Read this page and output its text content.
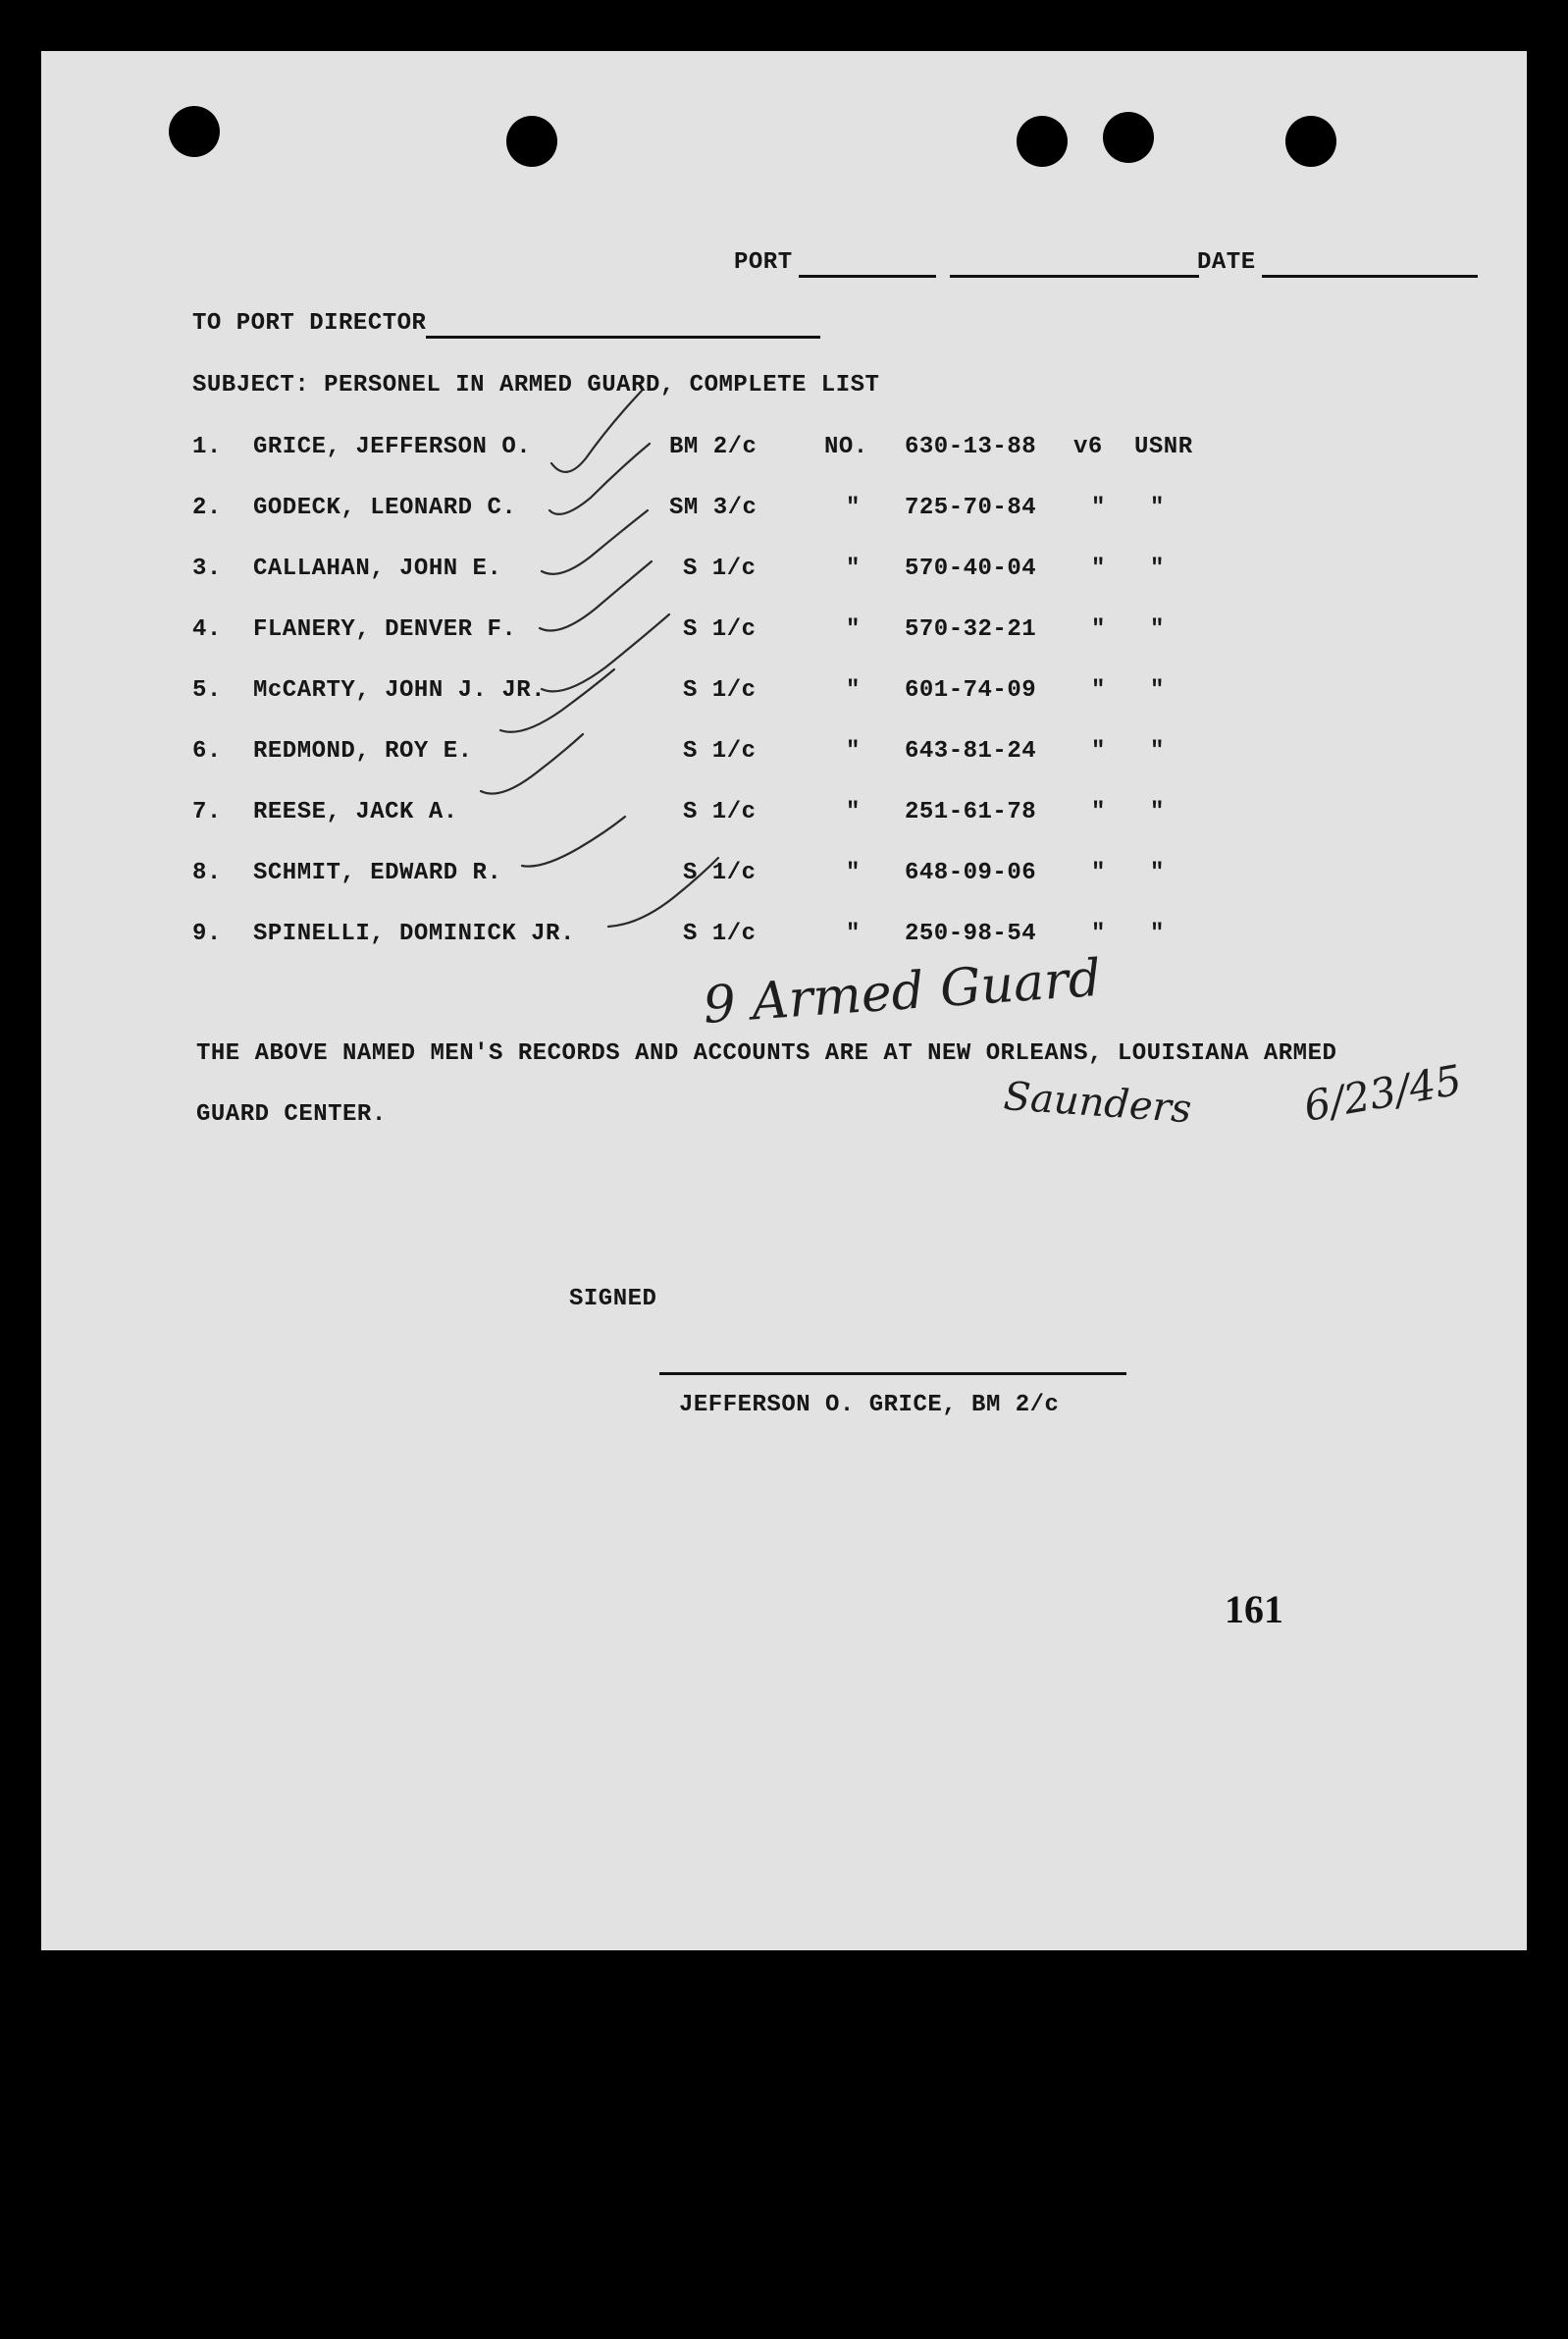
PORT	DATE
TO PORT DIRECTOR
SUBJECT: PERSONEL IN ARMED GUARD, COMPLETE LIST
1. GRICE, JEFFERSON O.	BM 2/c	NO. 630-13-88 v6 USNR
2. GODECK, LEONARD C.	SM 3/c	" 725-70-84 " "
3. CALLAHAN, JOHN E.	S 1/c	" 570-40-04 " "
4. FLANERY, DENVER F.	S 1/c	" 570-32-21 " "
5. McCARTY, JOHN J. JR.	S 1/c	" 601-74-09 " "
6. REDMOND, ROY E.	S 1/c	" 643-81-24 " "
7. REESE, JACK A.	S 1/c	" 251-61-78 " "
8. SCHMIT, EDWARD R.	S 1/c	" 648-09-06 " "
9. SPINELLI, DOMINICK JR.	S 1/c	" 250-98-54 " "
THE ABOVE NAMED MEN'S RECORDS AND ACCOUNTS ARE AT NEW ORLEANS, LOUISIANA ARMED
GUARD CENTER.
9 Armed Guard
Saunders	6/23/45
SIGNED
JEFFERSON O. GRICE, BM 2/c
161
